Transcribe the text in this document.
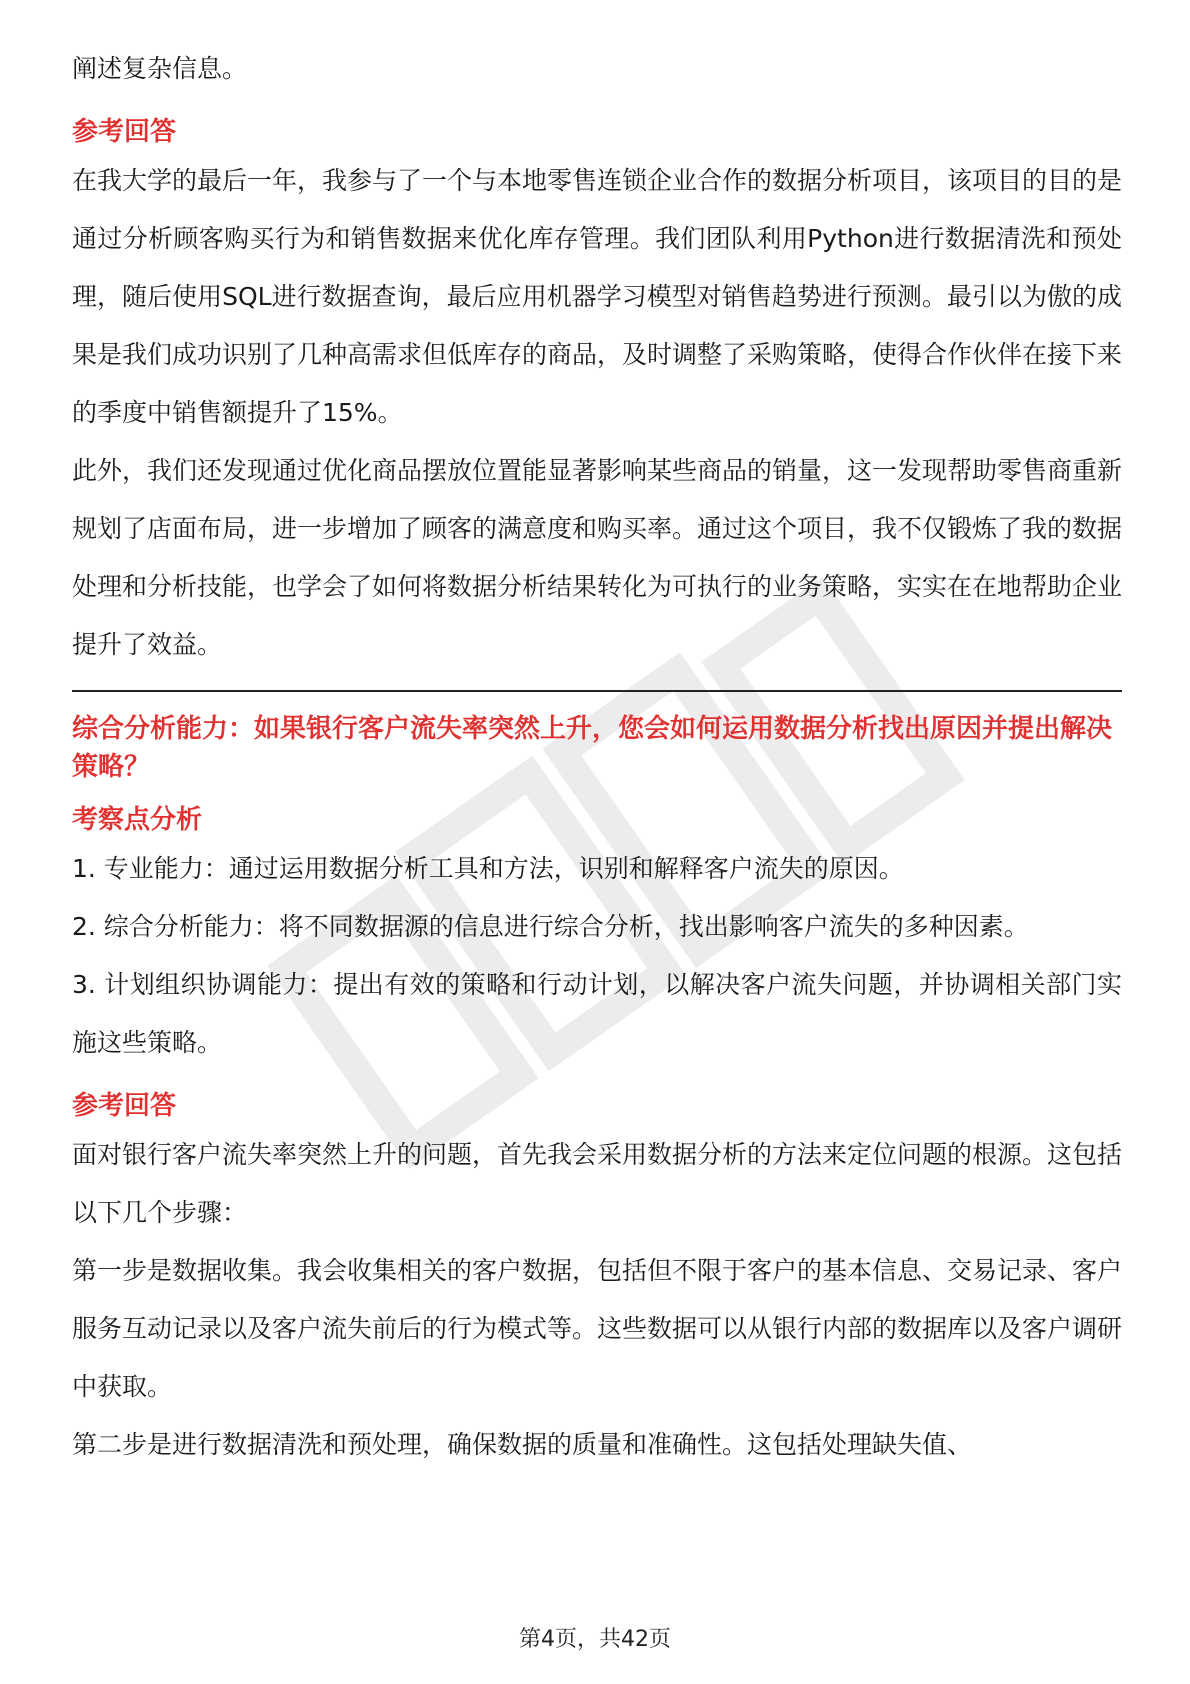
阐述复杂信息。

参考回答

在我大学的最后一年，我参与了一个与本地零售连锁企业合作的数据分析项目，该项目的目的是通过分析顾客购买行为和销售数据来优化库存管理。我们团队利用Python进行数据清洗和预处理，随后使用SQL进行数据查询，最后应用机器学习模型对销售趋势进行预测。最引以为傲的成果是我们成功识别了几种高需求但低库存的商品，及时调整了采购策略，使得合作伙伴在接下来的季度中销售额提升了15%。

此外，我们还发现通过优化商品摆放位置能显著影响某些商品的销量，这一发现帮助零售商重新规划了店面布局，进一步增加了顾客的满意度和购买率。通过这个项目，我不仅锻炼了我的数据处理和分析技能，也学会了如何将数据分析结果转化为可执行的业务策略，实实在在地帮助企业提升了效益。

综合分析能力：如果银行客户流失率突然上升，您会如何运用数据分析找出原因并提出解决策略？

考察点分析

1. 专业能力：通过运用数据分析工具和方法，识别和解释客户流失的原因。

2. 综合分析能力：将不同数据源的信息进行综合分析，找出影响客户流失的多种因素。

3. 计划组织协调能力：提出有效的策略和行动计划，以解决客户流失问题，并协调相关部门实施这些策略。

参考回答

面对银行客户流失率突然上升的问题，首先我会采用数据分析的方法来定位问题的根源。这包括以下几个步骤：

第一步是数据收集。我会收集相关的客户数据，包括但不限于客户的基本信息、交易记录、客户服务互动记录以及客户流失前后的行为模式等。这些数据可以从银行内部的数据库以及客户调研中获取。

第二步是进行数据清洗和预处理，确保数据的质量和准确性。这包括处理缺失值、

第4页，共42页
